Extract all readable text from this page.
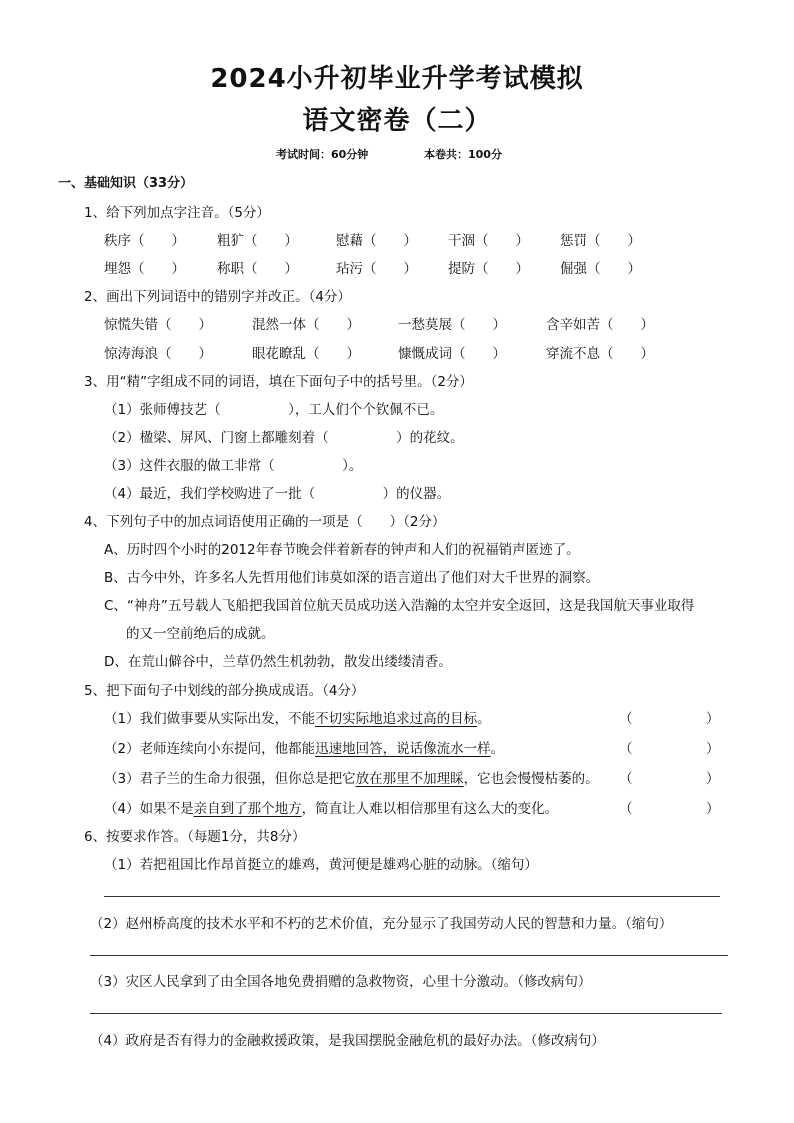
2024小升初毕业升学考试模拟
语文密卷（二）
考试时间：60分钟	本卷共：100分
一、基础知识（33分）
1、给下列加点字注音。（5分）
秩序（　　） 粗犷（　　）	慰藉（　　） 干涸（　　） 惩罚（　　）
埋怨（　　） 称职（　　）	玷污（　　） 提防（　　） 倔强（　　）
2、画出下列词语中的错别字并改正。（4分）
惊慌失错（　　）	混然一体（　　）	一愁莫展（　　）	含辛如苦（　　）
惊涛海浪（　　）	眼花瞭乱（　　）	慷慨成词（　　）	穿流不息（　　）
3、用“精”字组成不同的词语，填在下面句子中的括号里。（2分）
（1）张师傅技艺（　　　　　），工人们个个钦佩不已。
（2）楹梁、屏风、门窗上都雕刻着（　　　　　）的花纹。
（3）这件衣服的做工非常（　　　　　）。
（4）最近，我们学校购进了一批（　　　　　）的仪器。
4、下列句子中的加点词语使用正确的一项是（　　）（2分）
A、历时四个小时的2012年春节晚会伴着新春的钟声和人们的祝福销声匿迹了。
B、古今中外，许多名人先哲用他们讳莫如深的语言道出了他们对大千世界的洞察。
C、“神舟”五号载人飞船把我国首位航天员成功送入浩瀚的太空并安全返回，这是我国航天事业取得
的又一空前绝后的成就。
D、在荒山僻谷中，兰草仍然生机勃勃，散发出缕缕清香。
5、把下面句子中划线的部分换成成语。（4分）
（1）我们做事要从实际出发，不能不切实际地追求过高的目标。
（2）老师连续向小东提问，他都能迅速地回答，说话像流水一样。
（3）君子兰的生命力很强，但你总是把它放在那里不加理睬，它也会慢慢枯萎的。
（4）如果不是亲自到了那个地方，简直让人难以相信那里有这么大的变化。
（	）
（	）
（	）
（	）
6、按要求作答。（每题1分，共8分）
（1）若把祖国比作昂首挺立的雄鸡，黄河便是雄鸡心脏的动脉。（缩句）
（2）赵州桥高度的技术水平和不朽的艺术价值，充分显示了我国劳动人民的智慧和力量。（缩句）
（3）灾区人民拿到了由全国各地免费捐赠的急救物资，心里十分激动。（修改病句）
（4）政府是否有得力的金融救援政策，是我国摆脱金融危机的最好办法。（修改病句）
